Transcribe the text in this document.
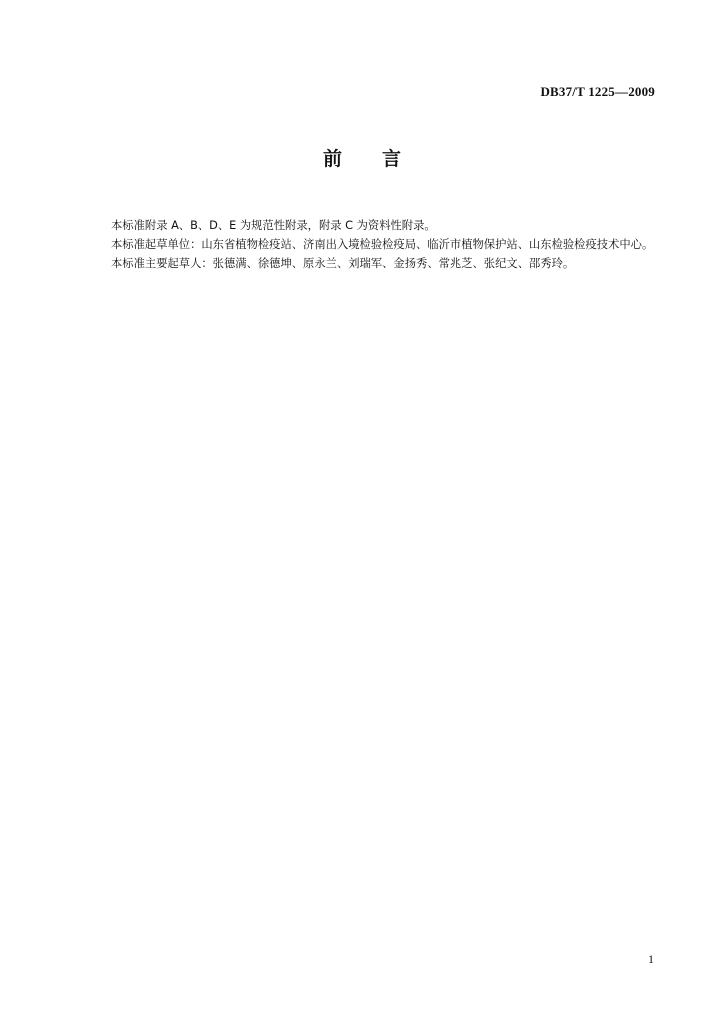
DB37/T 1225—2009
前言

本标准附录 A、B、D、E 为规范性附录，附录 C 为资料性附录。

本标准起草单位：山东省植物检疫站、济南出入境检验检疫局、临沂市植物保护站、山东检验检疫技术中心。

本标准主要起草人：张德满、徐德坤、原永兰、刘瑞军、金扬秀、常兆芝、张纪文、邵秀玲。

1
